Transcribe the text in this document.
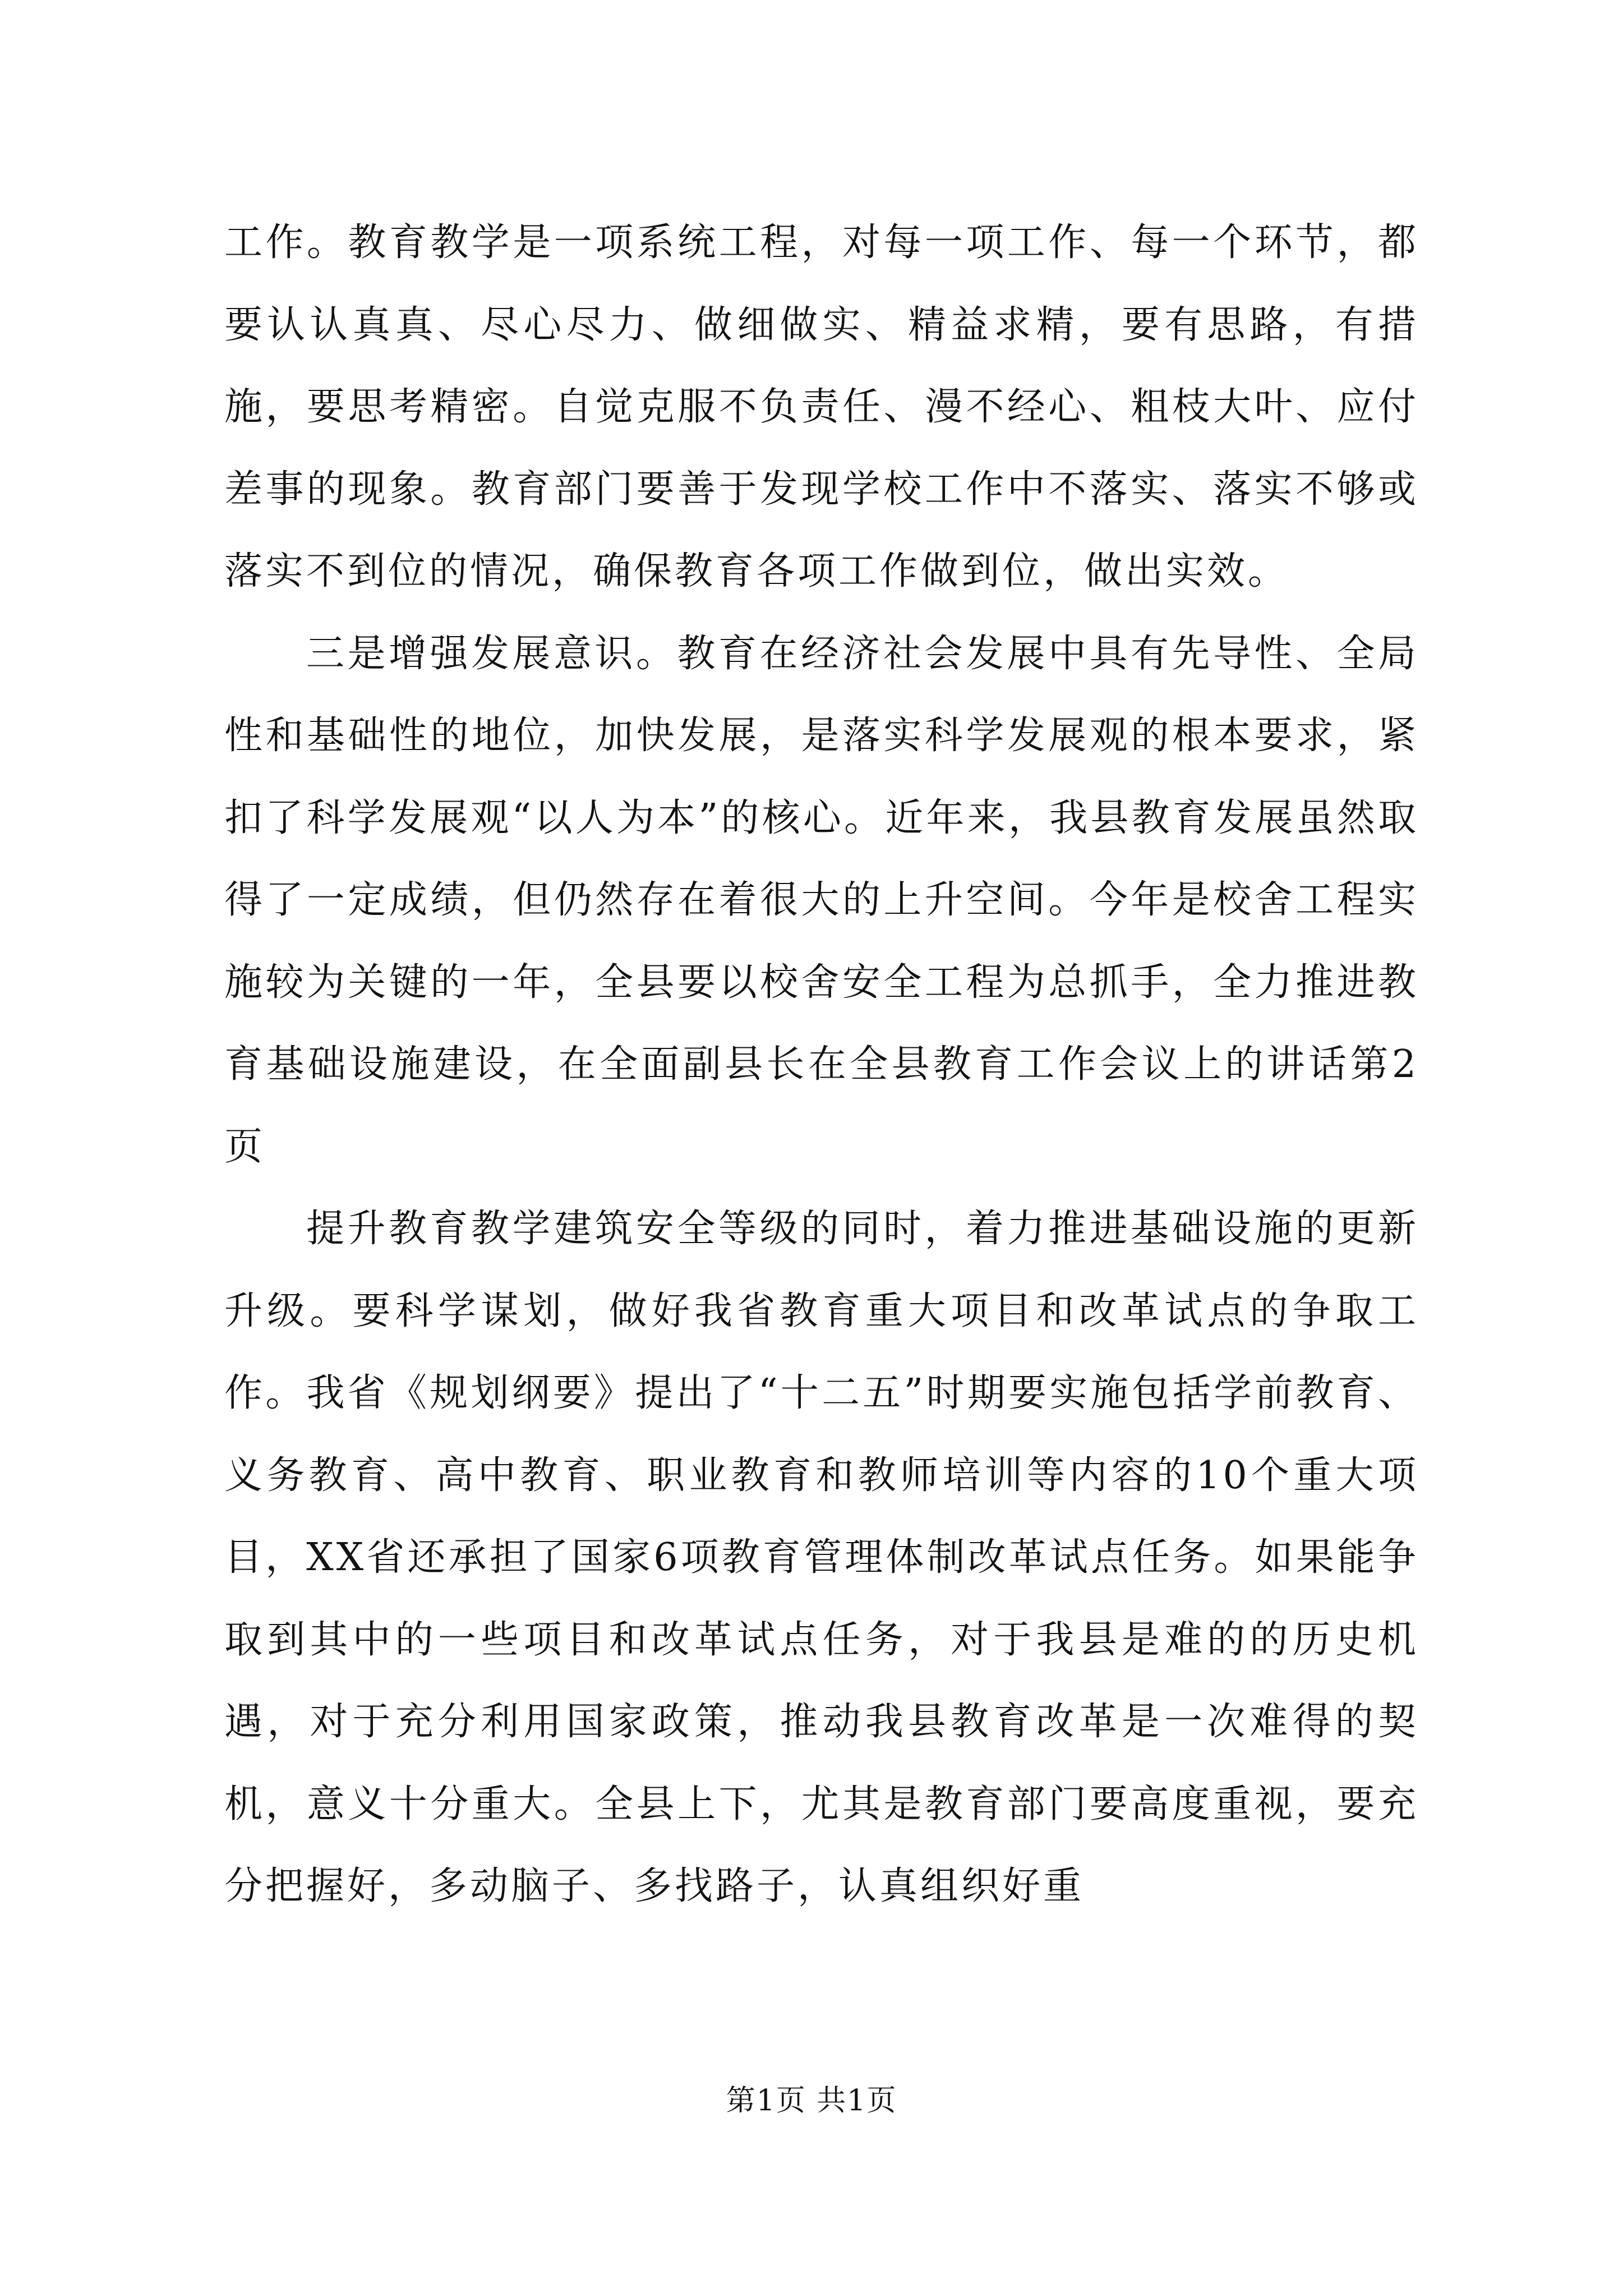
工作。教育教学是一项系统工程，对每一项工作、每一个环节，都要认认真真、尽心尽力、做细做实、精益求精，要有思路，有措施，要思考精密。自觉克服不负责任、漫不经心、粗枝大叶、应付差事的现象。教育部门要善于发现学校工作中不落实、落实不够或落实不到位的情况，确保教育各项工作做到位，做出实效。

三是增强发展意识。教育在经济社会发展中具有先导性、全局性和基础性的地位，加快发展，是落实科学发展观的根本要求，紧扣了科学发展观“以人为本”的核心。近年来，我县教育发展虽然取得了一定成绩，但仍然存在着很大的上升空间。今年是校舍工程实施较为关键的一年，全县要以校舍安全工程为总抓手，全力推进教育基础设施建设，在全面副县长在全县教育工作会议上的讲话第2页

提升教育教学建筑安全等级的同时，着力推进基础设施的更新升级。要科学谋划，做好我省教育重大项目和改革试点的争取工作。我省《规划纲要》提出了“十二五”时期要实施包括学前教育、义务教育、高中教育、职业教育和教师培训等内容的10个重大项目，XX省还承担了国家6项教育管理体制改革试点任务。如果能争取到其中的一些项目和改革试点任务，对于我县是难的的历史机遇，对于充分利用国家政策，推动我县教育改革是一次难得的契机，意义十分重大。全县上下，尤其是教育部门要高度重视，要充分把握好，多动脑子、多找路子，认真组织好重

第1页 共1页
